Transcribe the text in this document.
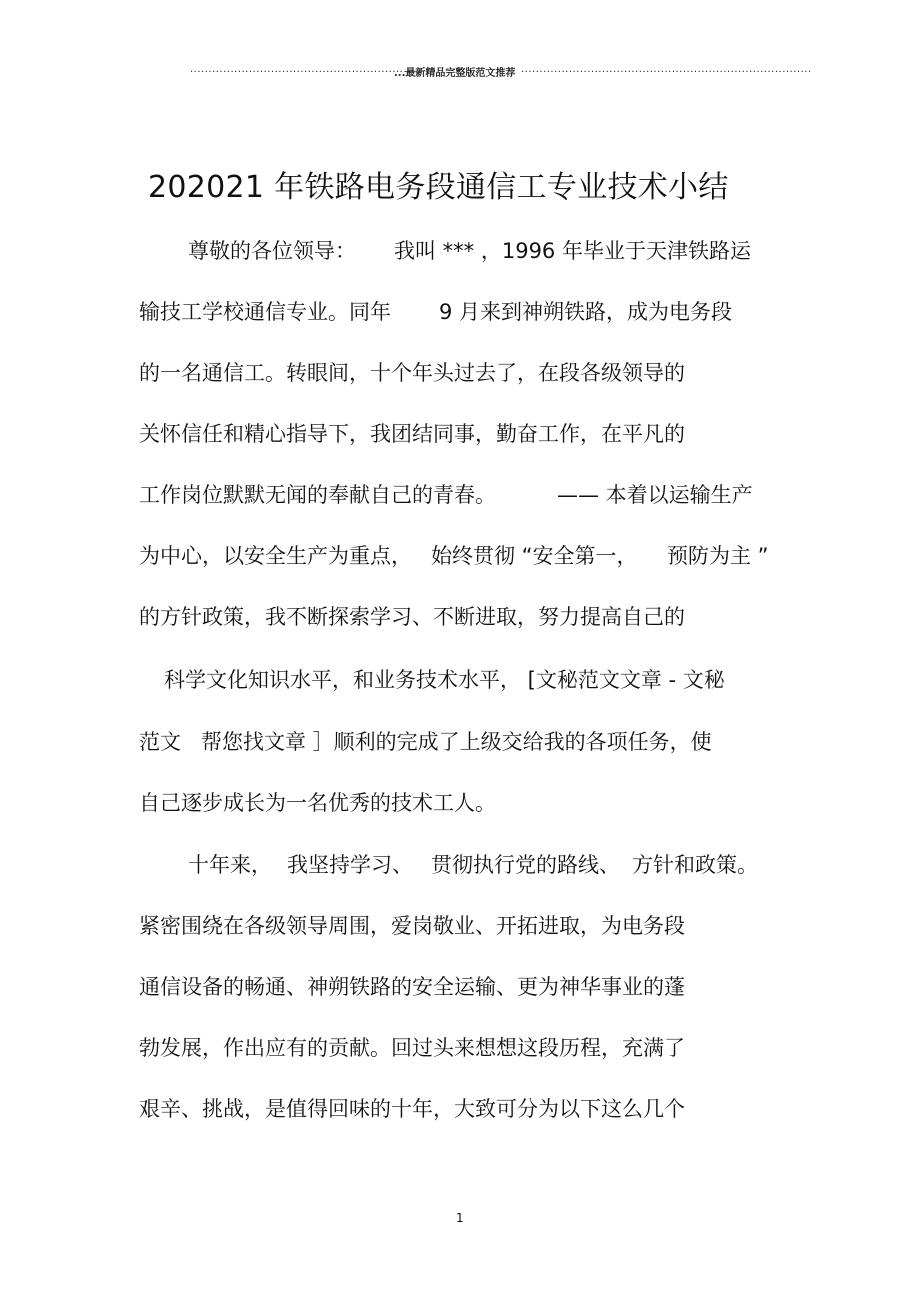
...................................................................
...最新精品完整版范文推荐 ...............................................................................
202021 年铁路电务段通信工专业技术小结
尊敬的各位领导： 我叫 *** ，1996 年毕业于天津铁路运
输技工学校通信专业。同年 9 月来到神朔铁路，成为电务段
的一名通信工。转眼间，十个年头过去了，在段各级领导的
关怀信任和精心指导下，我团结同事，勤奋工作，在平凡的
工作岗位默默无闻的奉献自己的青春。	—— 本着以运输生产
为中心，以安全生产为重点， 始终贯彻 “安全第一， 预防为主 ”
的方针政策，我不断探索学习、不断进取，努力提高自己的
科学文化知识水平，和业务技术水平， [文秘范文文章 - 文秘
范文 帮您找文章 ］顺利的完成了上级交给我的各项任务，使
自己逐步成长为一名优秀的技术工人。
十年来， 我坚持学习、 贯彻执行党的路线、 方针和政策。
紧密围绕在各级领导周围，爱岗敬业、开拓进取，为电务段
通信设备的畅通、神朔铁路的安全运输、更为神华事业的蓬
勃发展，作出应有的贡献。回过头来想想这段历程，充满了
艰辛、挑战，是值得回味的十年，大致可分为以下这么几个
1
